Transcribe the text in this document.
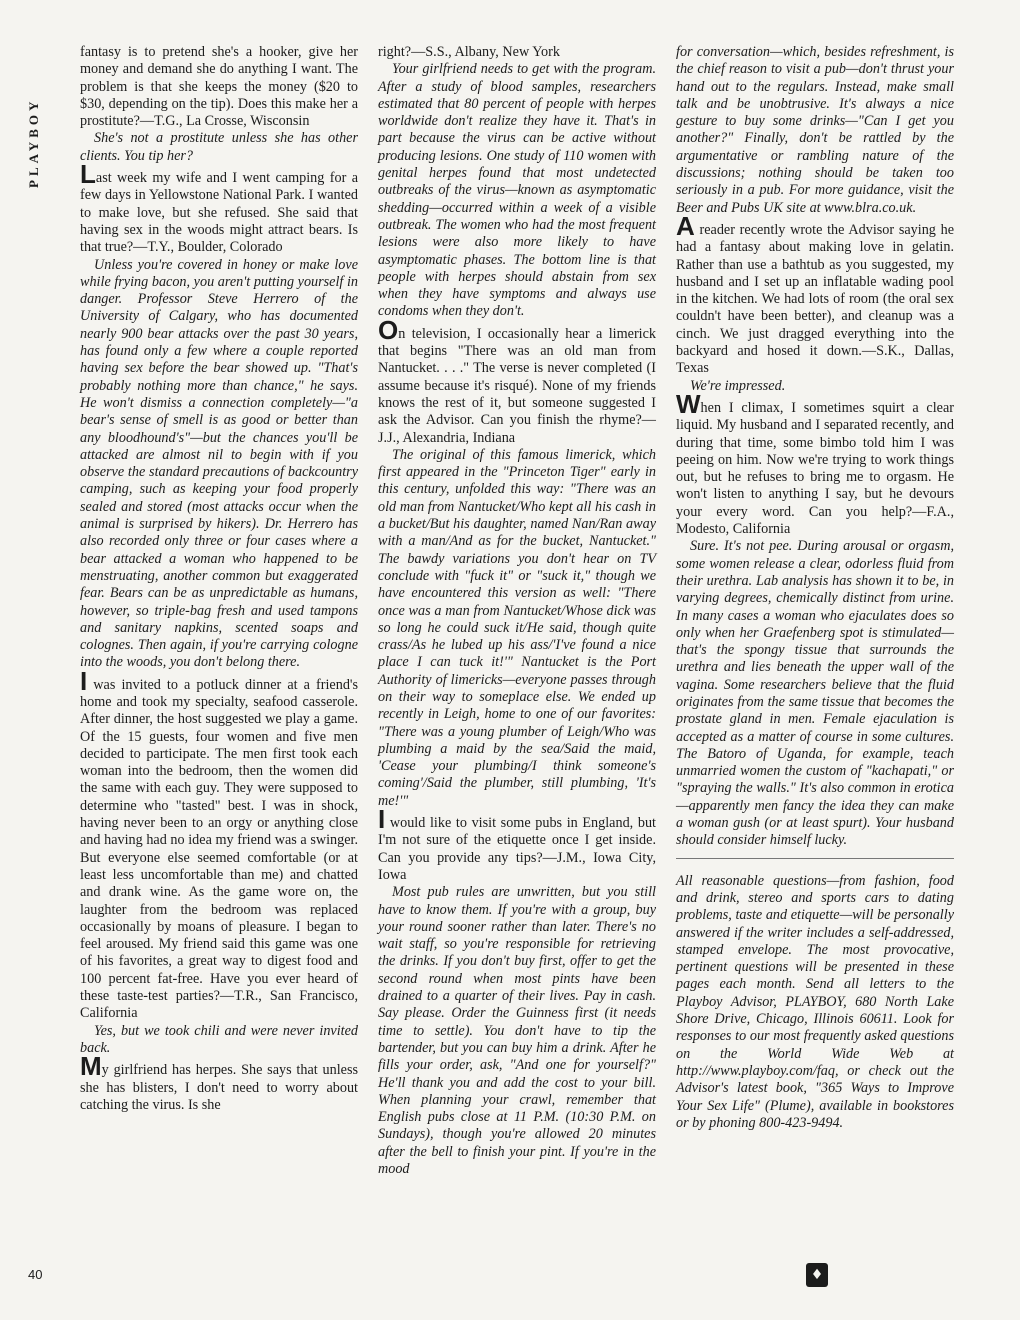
PLAYBOY

fantasy is to pretend she's a hooker, give her money and demand she do anything I want. The problem is that she keeps the money ($20 to $30, depending on the tip). Does this make her a prostitute?—T.G., La Crosse, Wisconsin

She's not a prostitute unless she has other clients. You tip her?

Last week my wife and I went camping for a few days in Yellowstone National Park. I wanted to make love, but she refused. She said that having sex in the woods might attract bears. Is that true?—T.Y., Boulder, Colorado

Unless you're covered in honey or make love while frying bacon, you aren't putting yourself in danger. Professor Steve Herrero of the University of Calgary, who has documented nearly 900 bear attacks over the past 30 years, has found only a few where a couple reported having sex before the bear showed up. "That's probably nothing more than chance," he says. He won't dismiss a connection completely—"a bear's sense of smell is as good or better than any bloodhound's"—but the chances you'll be attacked are almost nil to begin with if you observe the standard precautions of backcountry camping, such as keeping your food properly sealed and stored (most attacks occur when the animal is surprised by hikers). Dr. Herrero has also recorded only three or four cases where a bear attacked a woman who happened to be menstruating, another common but exaggerated fear. Bears can be as unpredictable as humans, however, so triple-bag fresh and used tampons and sanitary napkins, scented soaps and colognes. Then again, if you're carrying cologne into the woods, you don't belong there.

I was invited to a potluck dinner at a friend's home and took my specialty, seafood casserole. After dinner, the host suggested we play a game. Of the 15 guests, four women and five men decided to participate. The men first took each woman into the bedroom, then the women did the same with each guy. They were supposed to determine who "tasted" best. I was in shock, having never been to an orgy or anything close and having had no idea my friend was a swinger. But everyone else seemed comfortable (or at least less uncomfortable than me) and chatted and drank wine. As the game wore on, the laughter from the bedroom was replaced occasionally by moans of pleasure. I began to feel aroused. My friend said this game was one of his favorites, a great way to digest food and 100 percent fat-free. Have you ever heard of these taste-test parties?—T.R., San Francisco, California

Yes, but we took chili and were never invited back.

My girlfriend has herpes. She says that unless she has blisters, I don't need to worry about catching the virus. Is she

right?—S.S., Albany, New York

Your girlfriend needs to get with the program. After a study of blood samples, researchers estimated that 80 percent of people with herpes worldwide don't realize they have it. That's in part because the virus can be active without producing lesions. One study of 110 women with genital herpes found that most undetected outbreaks of the virus—known as asymptomatic shedding—occurred within a week of a visible outbreak. The women who had the most frequent lesions were also more likely to have asymptomatic phases. The bottom line is that people with herpes should abstain from sex when they have symptoms and always use condoms when they don't.

On television, I occasionally hear a limerick that begins "There was an old man from Nantucket. . . ." The verse is never completed (I assume because it's risqué). None of my friends knows the rest of it, but someone suggested I ask the Advisor. Can you finish the rhyme?—J.J., Alexandria, Indiana

The original of this famous limerick, which first appeared in the "Princeton Tiger" early in this century, unfolded this way: "There was an old man from Nantucket/Who kept all his cash in a bucket/But his daughter, named Nan/Ran away with a man/And as for the bucket, Nantucket." The bawdy variations you don't hear on TV conclude with "fuck it" or "suck it," though we have encountered this version as well: "There once was a man from Nantucket/Whose dick was so long he could suck it/He said, though quite crass/As he lubed up his ass/'I've found a nice place I can tuck it!'" Nantucket is the Port Authority of limericks—everyone passes through on their way to someplace else. We ended up recently in Leigh, home to one of our favorites: "There was a young plumber of Leigh/Who was plumbing a maid by the sea/Said the maid, 'Cease your plumbing/I think someone's coming'/Said the plumber, still plumbing, 'It's me!'"

I would like to visit some pubs in England, but I'm not sure of the etiquette once I get inside. Can you provide any tips?—J.M., Iowa City, Iowa

Most pub rules are unwritten, but you still have to know them. If you're with a group, buy your round sooner rather than later. There's no wait staff, so you're responsible for retrieving the drinks. If you don't buy first, offer to get the second round when most pints have been drained to a quarter of their lives. Pay in cash. Say please. Order the Guinness first (it needs time to settle). You don't have to tip the bartender, but you can buy him a drink. After he fills your order, ask, "And one for yourself?" He'll thank you and add the cost to your bill. When planning your crawl, remember that English pubs close at 11 P.M. (10:30 P.M. on Sundays), though you're allowed 20 minutes after the bell to finish your pint. If you're in the mood

for conversation—which, besides refreshment, is the chief reason to visit a pub—don't thrust your hand out to the regulars. Instead, make small talk and be unobtrusive. It's always a nice gesture to buy some drinks—"Can I get you another?" Finally, don't be rattled by the argumentative or rambling nature of the discussions; nothing should be taken too seriously in a pub. For more guidance, visit the Beer and Pubs UK site at www.blra.co.uk.

A reader recently wrote the Advisor saying he had a fantasy about making love in gelatin. Rather than use a bathtub as you suggested, my husband and I set up an inflatable wading pool in the kitchen. We had lots of room (the oral sex couldn't have been better), and cleanup was a cinch. We just dragged everything into the backyard and hosed it down.—S.K., Dallas, Texas

We're impressed.

When I climax, I sometimes squirt a clear liquid. My husband and I separated recently, and during that time, some bimbo told him I was peeing on him. Now we're trying to work things out, but he refuses to bring me to orgasm. He won't listen to anything I say, but he devours your every word. Can you help?—F.A., Modesto, California

Sure. It's not pee. During arousal or orgasm, some women release a clear, odorless fluid from their urethra. Lab analysis has shown it to be, in varying degrees, chemically distinct from urine. In many cases a woman who ejaculates does so only when her Graefenberg spot is stimulated—that's the spongy tissue that surrounds the urethra and lies beneath the upper wall of the vagina. Some researchers believe that the fluid originates from the same tissue that becomes the prostate gland in men. Female ejaculation is accepted as a matter of course in some cultures. The Batoro of Uganda, for example, teach unmarried women the custom of "kachapati," or "spraying the walls." It's also common in erotica—apparently men fancy the idea they can make a woman gush (or at least spurt). Your husband should consider himself lucky.

All reasonable questions—from fashion, food and drink, stereo and sports cars to dating problems, taste and etiquette—will be personally answered if the writer includes a self-addressed, stamped envelope. The most provocative, pertinent questions will be presented in these pages each month. Send all letters to the Playboy Advisor, PLAYBOY, 680 North Lake Shore Drive, Chicago, Illinois 60611. Look for responses to our most frequently asked questions on the World Wide Web at http://www.playboy.com/faq, or check out the Advisor's latest book, "365 Ways to Improve Your Sex Life" (Plume), available in bookstores or by phoning 800-423-9494.

40	♦
